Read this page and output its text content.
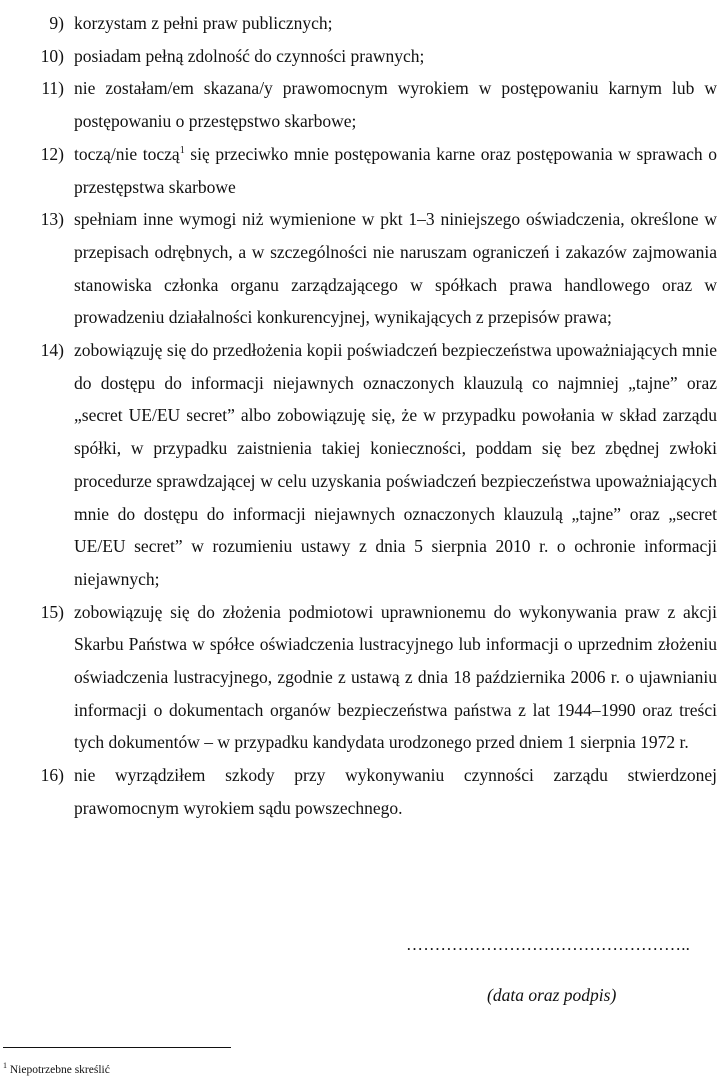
9) korzystam z pełni praw publicznych;
10) posiadam pełną zdolność do czynności prawnych;
11) nie zostałam/em skazana/y prawomocnym wyrokiem w postępowaniu karnym lub w postępowaniu o przestępstwo skarbowe;
12) toczą/nie toczą$^1$ się przeciwko mnie postępowania karne oraz postępowania w sprawach o przestępstwa skarbowe
13) spełniam inne wymogi niż wymienione w pkt 1–3 niniejszego oświadczenia, określone w przepisach odrębnych, a w szczególności nie naruszam ograniczeń i zakazów zajmowania stanowiska członka organu zarządzającego w spółkach prawa handlowego oraz w prowadzeniu działalności konkurencyjnej, wynikających z przepisów prawa;
14) zobowiązuję się do przedłożenia kopii poświadczeń bezpieczeństwa upoważniających mnie do dostępu do informacji niejawnych oznaczonych klauzulą co najmniej „tajne” oraz „secret UE/EU secret” albo zobowiązuję się, że w przypadku powołania w skład zarządu spółki, w przypadku zaistnienia takiej konieczności, poddam się bez zbędnej zwłoki procedurze sprawdzającej w celu uzyskania poświadczeń bezpieczeństwa upoważniających mnie do dostępu do informacji niejawnych oznaczonych klauzulą „tajne” oraz „secret UE/EU secret” w rozumieniu ustawy z dnia 5 sierpnia 2010 r. o ochronie informacji niejawnych;
15) zobowiązuję się do złożenia podmiotowi uprawnionemu do wykonywania praw z akcji Skarbu Państwa w spółce oświadczenia lustracyjnego lub informacji o uprzednim złożeniu oświadczenia lustracyjnego, zgodnie z ustawą z dnia 18 października 2006 r. o ujawnianiu informacji o dokumentach organów bezpieczeństwa państwa z lat 1944–1990 oraz treści tych dokumentów – w przypadku kandydata urodzonego przed dniem 1 sierpnia 1972 r.
16) nie wyrządziłem szkody przy wykonywaniu czynności zarządu stwierdzonej prawomocnym wyrokiem sądu powszechnego.
…………………………………………..
(data oraz podpis)
$^1$ Niepotrzebne skreślić
